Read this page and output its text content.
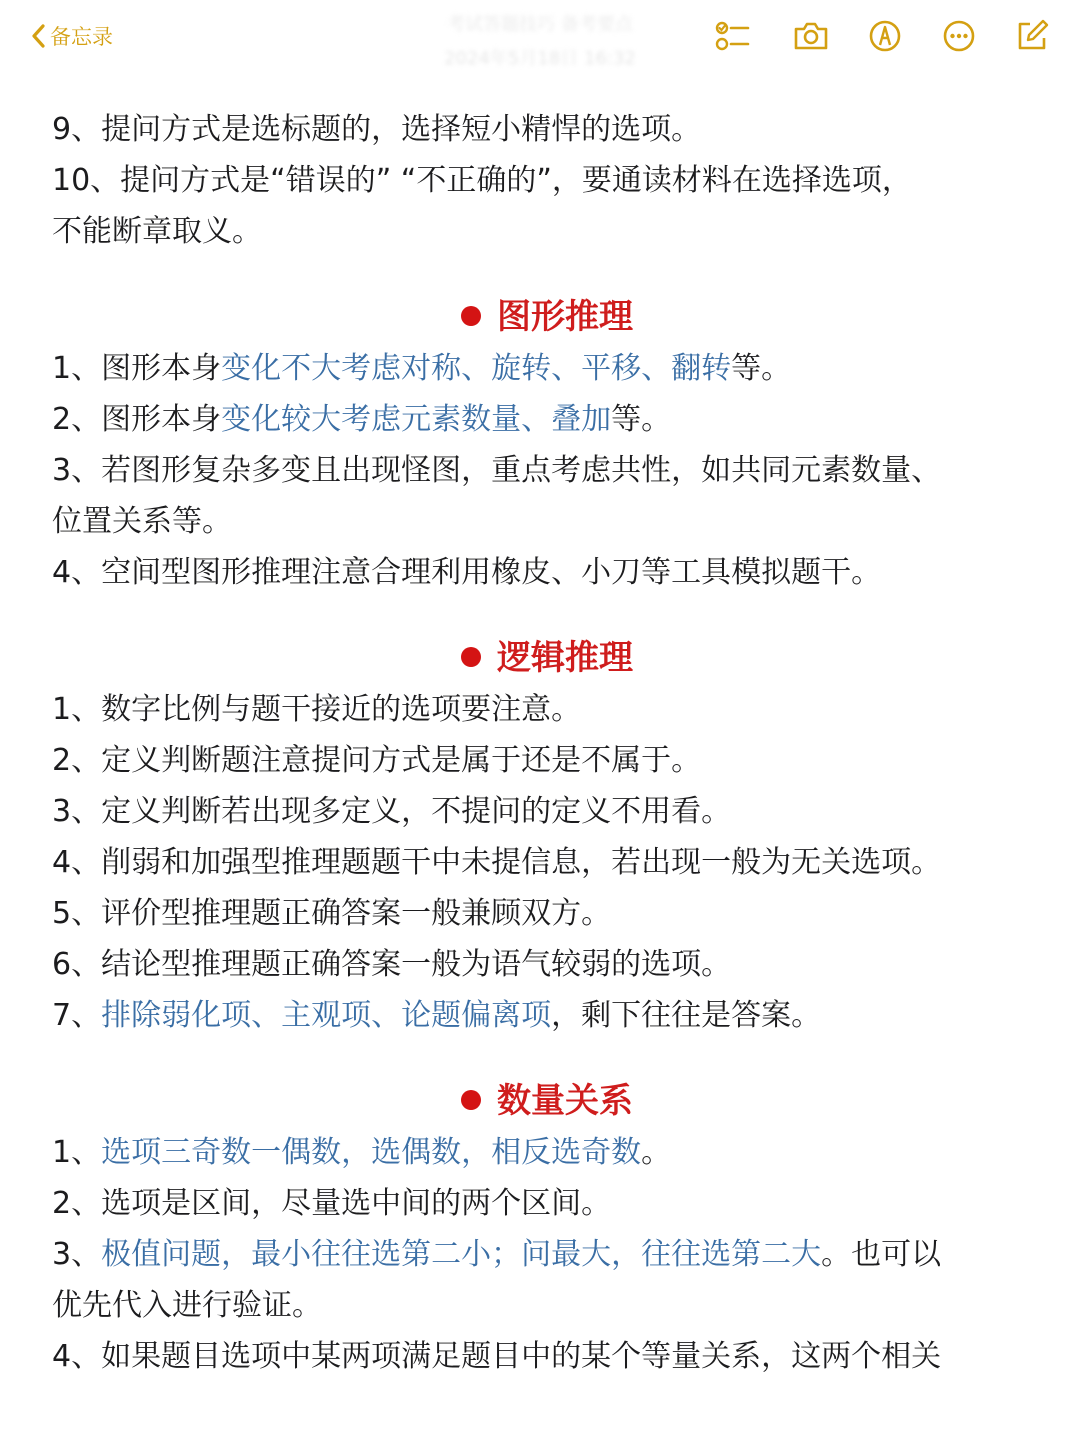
备忘录
考试答题技巧 备考要点
2024年5月18日 16:32

9、提问方式是选标题的，选择短小精悍的选项。

10、提问方式是“错误的” “不正确的”，要通读材料在选择选项，

不能断章取义。

图形推理

1、图形本身变化不大考虑对称、旋转、平移、翻转等。

2、图形本身变化较大考虑元素数量、叠加等。

3、若图形复杂多变且出现怪图，重点考虑共性，如共同元素数量、

位置关系等。

4、空间型图形推理注意合理利用橡皮、小刀等工具模拟题干。

逻辑推理

1、数字比例与题干接近的选项要注意。

2、定义判断题注意提问方式是属于还是不属于。

3、定义判断若出现多定义，不提问的定义不用看。

4、削弱和加强型推理题题干中未提信息，若出现一般为无关选项。

5、评价型推理题正确答案一般兼顾双方。

6、结论型推理题正确答案一般为语气较弱的选项。

7、排除弱化项、主观项、论题偏离项，剩下往往是答案。

数量关系

1、选项三奇数一偶数，选偶数，相反选奇数。

2、选项是区间，尽量选中间的两个区间。

3、极值问题，最小往往选第二小；问最大，往往选第二大。也可以

优先代入进行验证。

4、如果题目选项中某两项满足题目中的某个等量关系，这两个相关
